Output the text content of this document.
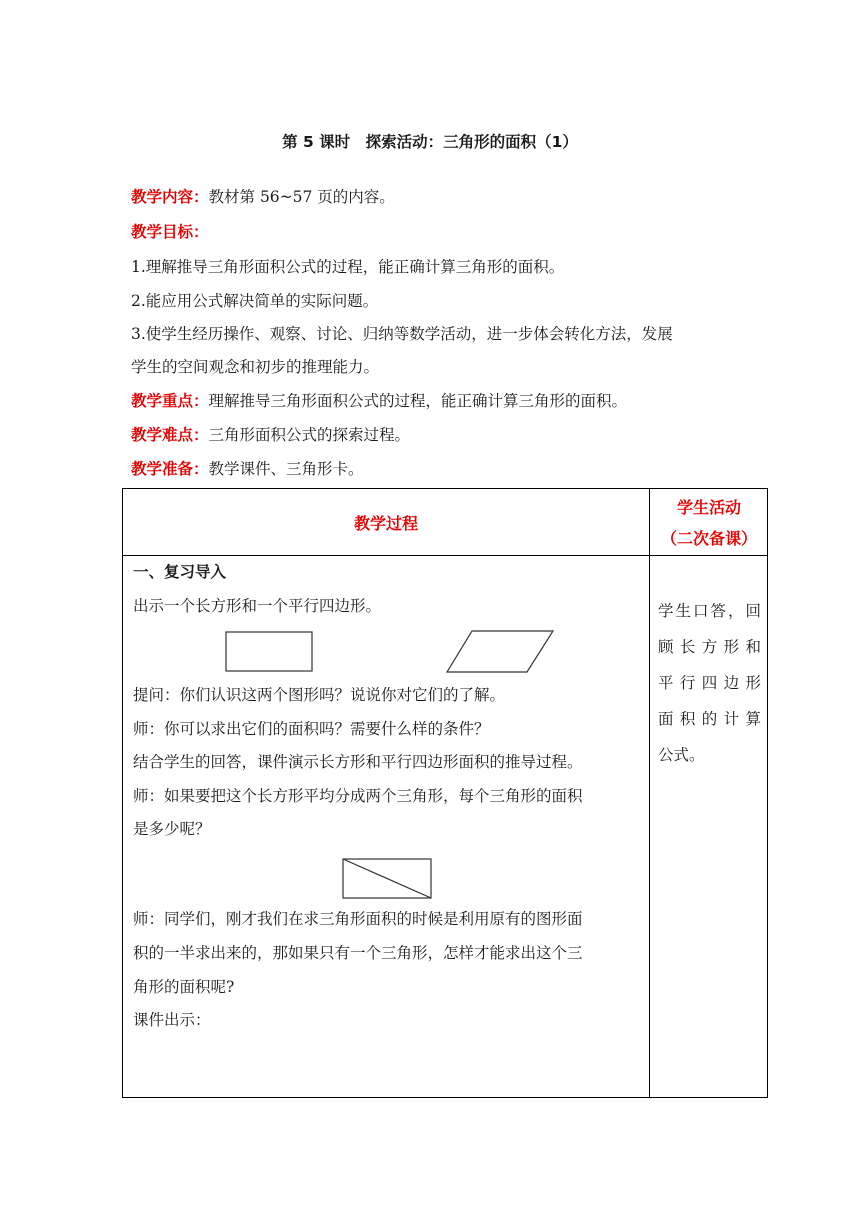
第 5 课时　探索活动：三角形的面积（1）
教学内容：教材第 56~57 页的内容。
教学目标：
1.理解推导三角形面积公式的过程，能正确计算三角形的面积。
2.能应用公式解决简单的实际问题。
3.使学生经历操作、观察、讨论、归纳等数学活动，进一步体会转化方法，发展
学生的空间观念和初步的推理能力。
教学重点：理解推导三角形面积公式的过程，能正确计算三角形的面积。
教学难点：三角形面积公式的探索过程。
教学准备：教学课件、三角形卡。
教学过程
学生活动
（二次备课）
一、复习导入
出示一个长方形和一个平行四边形。
提问：你们认识这两个图形吗？说说你对它们的了解。
师：你可以求出它们的面积吗？需要什么样的条件？
结合学生的回答，课件演示长方形和平行四边形面积的推导过程。
师：如果要把这个长方形平均分成两个三角形，每个三角形的面积
是多少呢？
师：同学们，刚才我们在求三角形面积的时候是利用原有的图形面
积的一半求出来的，那如果只有一个三角形，怎样才能求出这个三
角形的面积呢?
课件出示：
学生口答，回
顾长方形和
平行四边形
面积的计算
公式。
